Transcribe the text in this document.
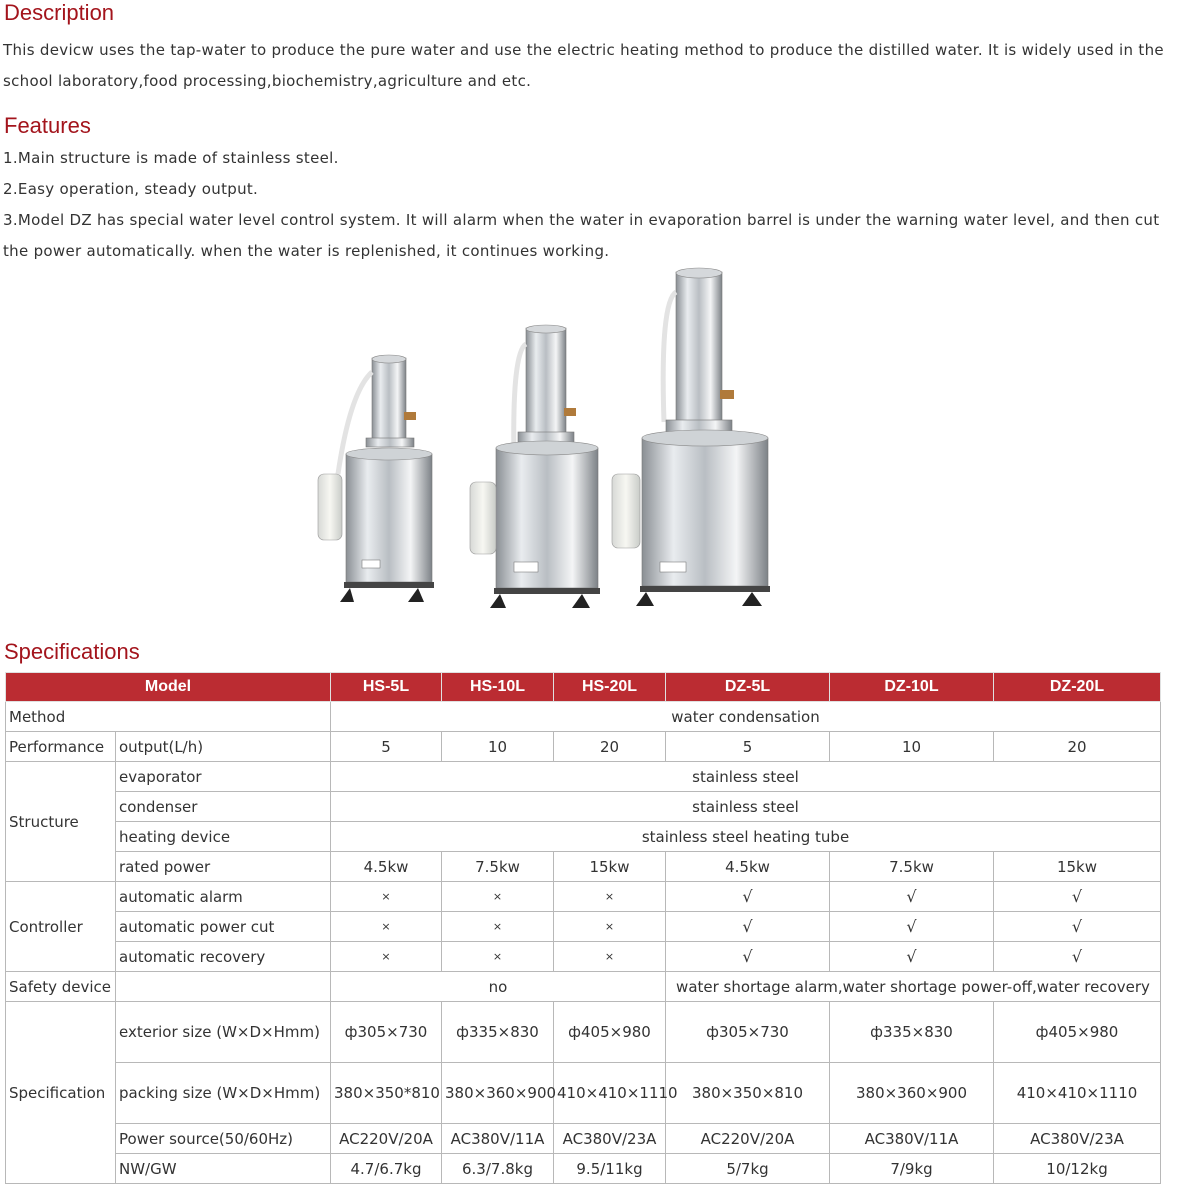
Description

This devicw uses the tap-water to produce the pure water and use the electric heating method to produce the distilled water. It is widely used in the school laboratory,food processing,biochemistry,agriculture and etc.

Features
1.Main structure is made of stainless steel.
2.Easy operation, steady output.
3.Model DZ has special water level control system. It will alarm when the water in evaporation barrel is under the warning water level, and then cut
the power automatically. when the water is replenished, it continues working.
Specifications
Model		HS-5L	HS-10L	HS-20L	DZ-5L	DZ-10L	DZ-20L
Method		water condensation					
Performance	output(L/h)	5	10	20	5	10	20
Structure	evaporator	stainless steel					
	condenser	stainless steel					
	heating device	stainless steel heating tube					
	rated power	4.5kw	7.5kw	15kw	4.5kw	7.5kw	15kw
Controller	automatic alarm	×	×	×	√	√	√
	automatic power cut	×	×	×	√	√	√
	automatic recovery	×	×	×	√	√	√
Safety device		no			water shortage alarm,water shortage power-off,water recovery		
Specification	exterior size (W×D×Hmm)	ф305×730	ф335×830	ф405×980	ф305×730	ф335×830	ф405×980
	packing size (W×D×Hmm)	380×350*810	380×360×900	410×410×1110	380×350×810	380×360×900	410×410×1110
	Power source(50/60Hz)	AC220V/20A	AC380V/11A	AC380V/23A	AC220V/20A	AC380V/11A	AC380V/23A
	NW/GW	4.7/6.7kg	6.3/7.8kg	9.5/11kg	5/7kg	7/9kg	10/12kg
